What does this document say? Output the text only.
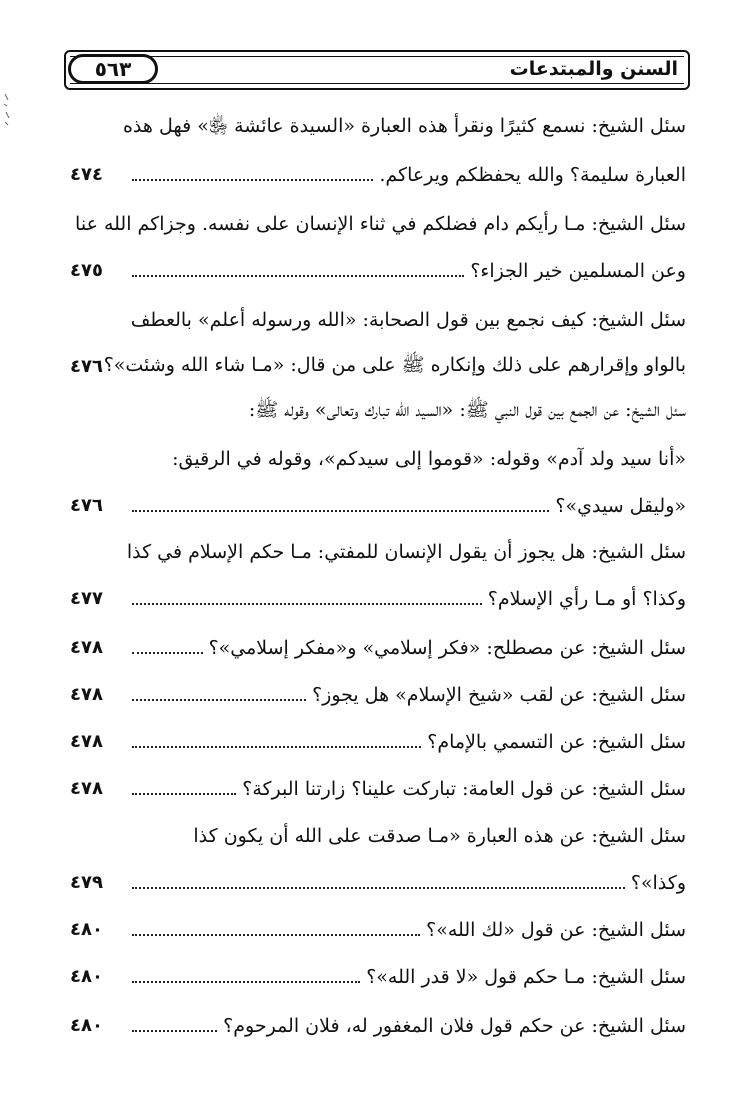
٥٦٣	السنن والمبتدعات
سئل الشيخ: نسمع كثيرًا ونقرأ هذه العبارة «السيدة عائشة ﵂» فهل هذه
العبارة سليمة؟ والله يحفظكم ويرعاكم.
٤٧٤
سئل الشيخ: مـا رأيكم دام فضلكم في ثناء الإنسان على نفسه. وجزاكم الله عنا
وعن المسلمين خير الجزاء؟
٤٧٥
سئل الشيخ: كيف نجمع بين قول الصحابة: «الله ورسوله أعلم» بالعطف
بالواو وإقرارهم على ذلك وإنكاره ﷺ على من قال: «مـا شاء الله وشئت»؟
٤٧٦
سئل الشيخ: عن الجمع بين قول النبي ﷺ: «السيد الله تبارك وتعالى» وقوله ﷺ:
«أنا سيد ولد آدم» وقوله: «قوموا إلى سيدكم»، وقوله في الرقيق:
«وليقل سيدي»؟
٤٧٦
سئل الشيخ: هل يجوز أن يقول الإنسان للمفتي: مـا حكم الإسلام في كذا
وكذا؟ أو مـا رأي الإسلام؟
٤٧٧
سئل الشيخ: عن مصطلح: «فكر إسلامي» و«مفكر إسلامي»؟
٤٧٨
سئل الشيخ: عن لقب «شيخ الإسلام» هل يجوز؟
٤٧٨
سئل الشيخ: عن التسمي بالإمام؟
٤٧٨
سئل الشيخ: عن قول العامة: تباركت علينا؟ زارتنا البركة؟
٤٧٨
سئل الشيخ: عن هذه العبارة «مـا صدقت على الله أن يكون كذا
وكذا»؟
٤٧٩
سئل الشيخ: عن قول «لك الله»؟
٤٨٠
سئل الشيخ: مـا حكم قول «لا قدر الله»؟
٤٨٠
سئل الشيخ: عن حكم قول فلان المغفور له، فلان المرحوم؟
٤٨٠
